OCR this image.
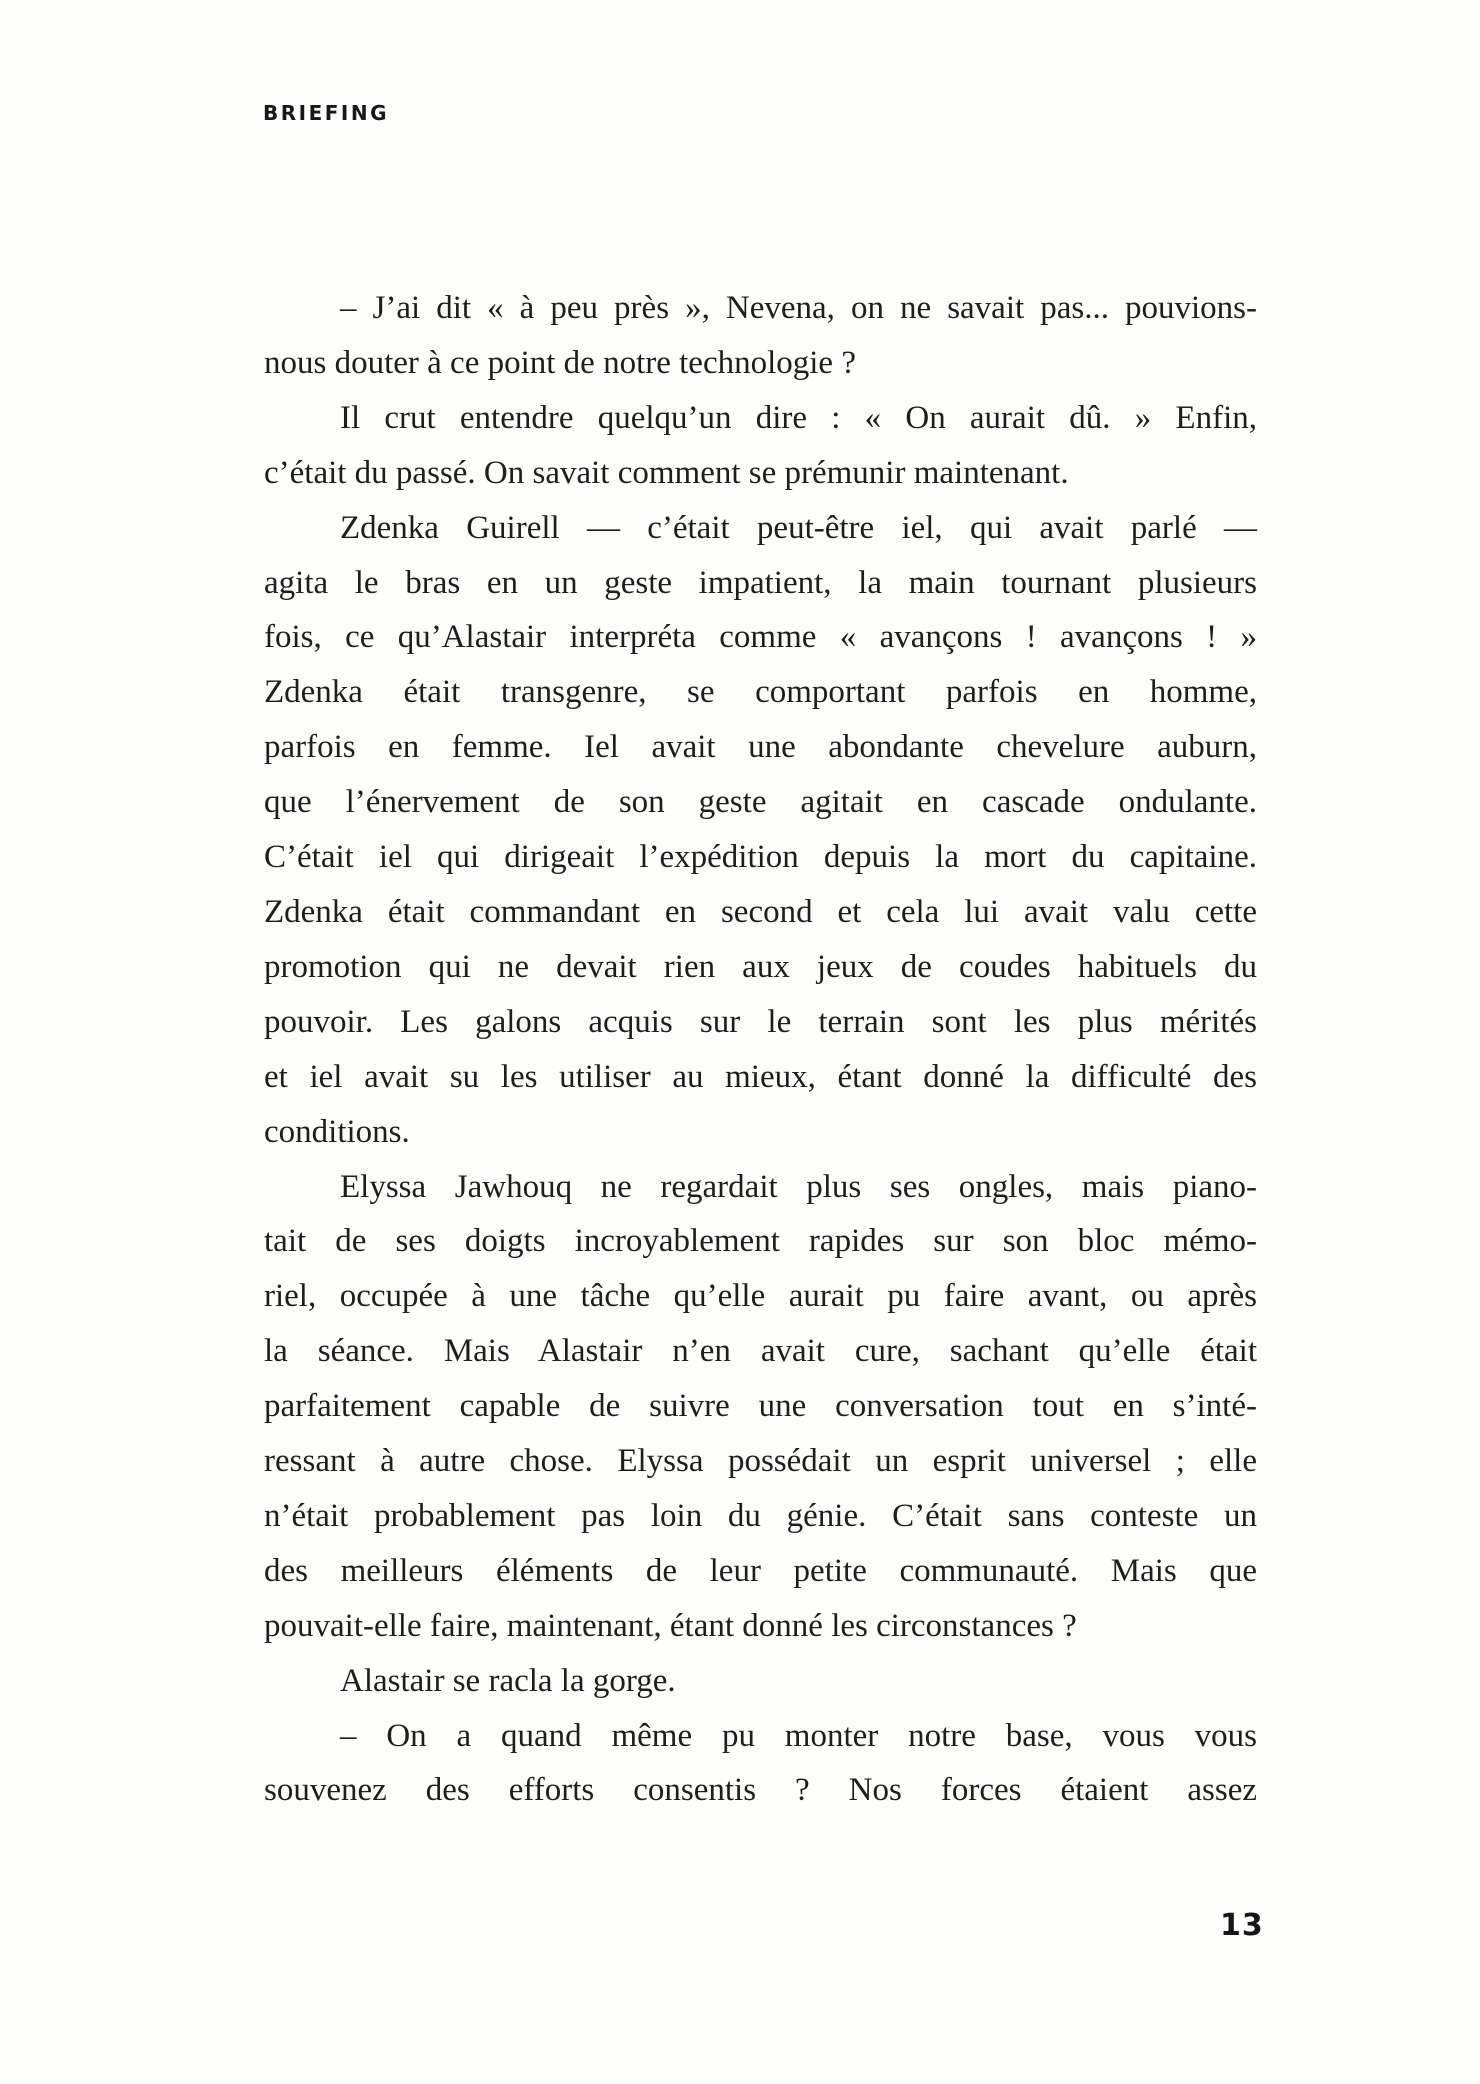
BRIEFING
– J’ai dit « à peu près », Nevena, on ne savait pas... pouvions-
nous douter à ce point de notre technologie ?
Il crut entendre quelqu’un dire : « On aurait dû. » Enfin,
c’était du passé. On savait comment se prémunir maintenant.
Zdenka Guirell — c’était peut-être iel, qui avait parlé —
agita le bras en un geste impatient, la main tournant plusieurs
fois, ce qu’Alastair interpréta comme « avançons ! avançons ! »
Zdenka était transgenre, se comportant parfois en homme,
parfois en femme. Iel avait une abondante chevelure auburn,
que l’énervement de son geste agitait en cascade ondulante.
C’était iel qui dirigeait l’expédition depuis la mort du capitaine.
Zdenka était commandant en second et cela lui avait valu cette
promotion qui ne devait rien aux jeux de coudes habituels du
pouvoir. Les galons acquis sur le terrain sont les plus mérités
et iel avait su les utiliser au mieux, étant donné la difficulté des
conditions.
Elyssa Jawhouq ne regardait plus ses ongles, mais piano-
tait de ses doigts incroyablement rapides sur son bloc mémo-
riel, occupée à une tâche qu’elle aurait pu faire avant, ou après
la séance. Mais Alastair n’en avait cure, sachant qu’elle était
parfaitement capable de suivre une conversation tout en s’inté-
ressant à autre chose. Elyssa possédait un esprit universel ; elle
n’était probablement pas loin du génie. C’était sans conteste un
des meilleurs éléments de leur petite communauté. Mais que
pouvait-elle faire, maintenant, étant donné les circonstances ?
Alastair se racla la gorge.
– On a quand même pu monter notre base, vous vous
souvenez des efforts consentis ? Nos forces étaient assez
13
